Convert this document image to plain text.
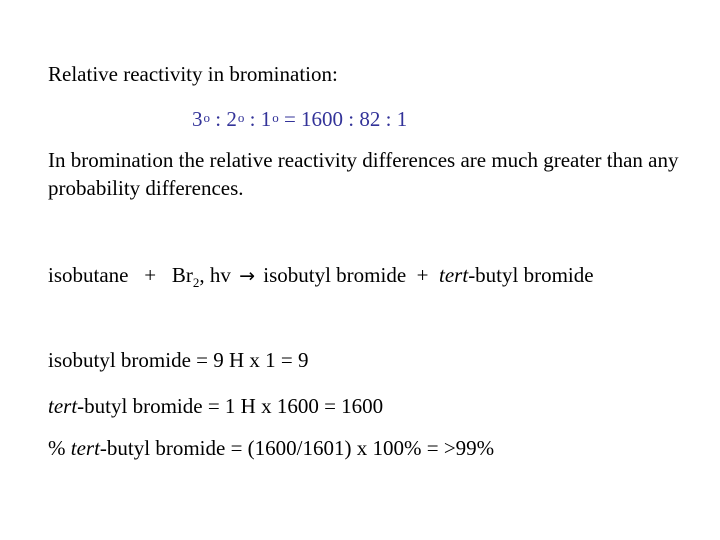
Relative reactivity in bromination:
3o : 2o : 1o = 1600 : 82 : 1
In bromination the relative reactivity differences are much greater than any probability differences.
isobutane + $Br_2$, hv → isobutyl bromide + tert-butyl bromide
isobutyl bromide = 9 H x 1 = 9
tert-butyl bromide = 1 H x 1600 = 1600
% tert-butyl bromide = (1600/1601) x 100% = >99%
